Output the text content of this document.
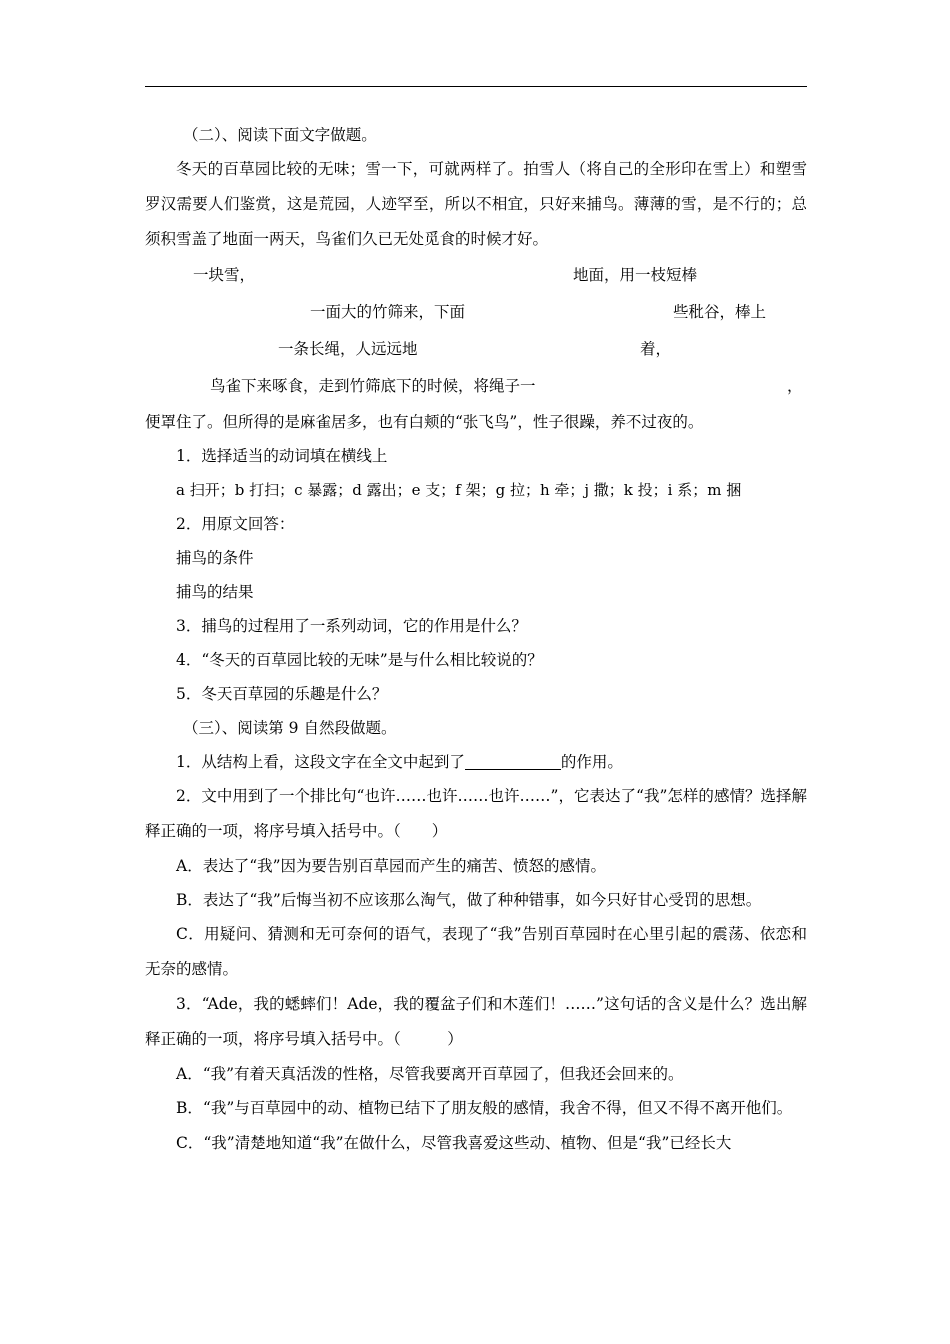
（二）、阅读下面文字做题。
冬天的百草园比较的无味；雪一下，可就两样了。拍雪人（将自己的全形印在雪上）和塑雪罗汉需要人们鉴赏，这是荒园，人迹罕至，所以不相宜，只好来捕鸟。薄薄的雪，是不行的；总须积雪盖了地面一两天，鸟雀们久已无处觅食的时候才好。
一块雪，	地面，用一枝短棒
一面大的竹筛来，下面	些秕谷，棒上
一条长绳，人远远地	着，
鸟雀下来啄食，走到竹筛底下的时候，将绳子一	，
便罩住了。但所得的是麻雀居多，也有白颊的“张飞鸟”，性子很躁，养不过夜的。
1．选择适当的动词填在横线上
a 扫开；b 打扫；c 暴露；d 露出；e 支；f 架；g 拉；h 牵；j 撒；k 投；i 系；m 捆
2．用原文回答：
捕鸟的条件
捕鸟的结果
3．捕鸟的过程用了一系列动词，它的作用是什么？
4．“冬天的百草园比较的无味”是与什么相比较说的？
5．冬天百草园的乐趣是什么？
（三）、阅读第 9 自然段做题。
1．从结构上看，这段文字在全文中起到了	的作用。
2．文中用到了一个排比句“也许……也许……也许……”，它表达了“我”怎样的感情？选择解释正确的一项，将序号填入括号中。（　　）
A．表达了“我”因为要告别百草园而产生的痛苦、愤怒的感情。
B．表达了“我”后悔当初不应该那么淘气，做了种种错事，如今只好甘心受罚的思想。
C．用疑问、猜测和无可奈何的语气，表现了“我”告别百草园时在心里引起的震荡、依恋和无奈的感情。
3．“Ade，我的蟋蟀们！Ade，我的覆盆子们和木莲们！……”这句话的含义是什么？选出解释正确的一项，将序号填入括号中。（　　　）
A．“我”有着天真活泼的性格，尽管我要离开百草园了，但我还会回来的。
B．“我”与百草园中的动、植物已结下了朋友般的感情，我舍不得，但又不得不离开他们。
C．“我”清楚地知道“我”在做什么，尽管我喜爱这些动、植物、但是“我”已经长大
